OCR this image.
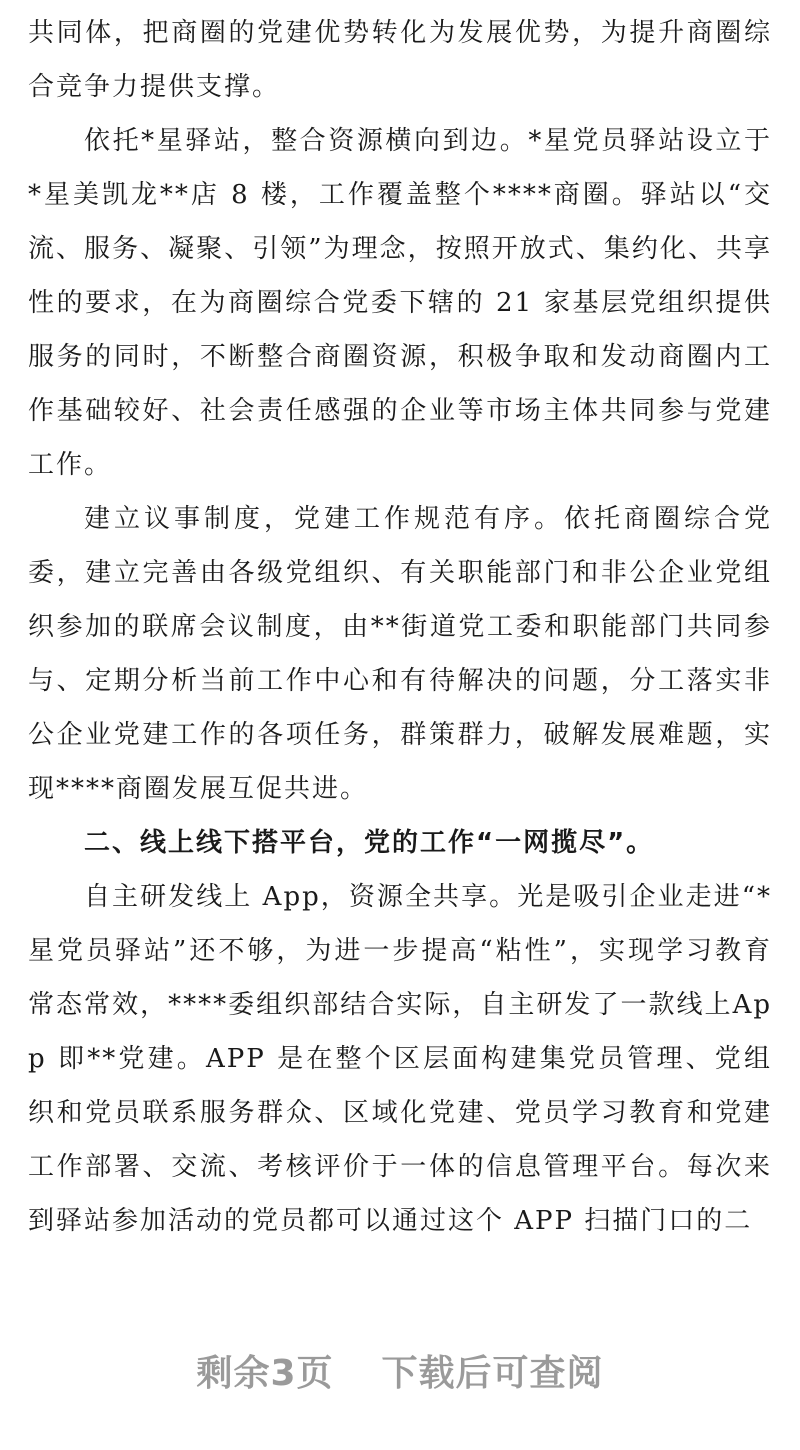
共同体，把商圈的党建优势转化为发展优势，为提升商圈综合竞争力提供支撑。

依托*星驿站，整合资源横向到边。*星党员驿站设立于*星美凯龙**店 8 楼，工作覆盖整个****商圈。驿站以“交流、服务、凝聚、引领”为理念，按照开放式、集约化、共享性的要求，在为商圈综合党委下辖的 21 家基层党组织提供服务的同时，不断整合商圈资源，积极争取和发动商圈内工作基础较好、社会责任感强的企业等市场主体共同参与党建工作。

建立议事制度，党建工作规范有序。依托商圈综合党委，建立完善由各级党组织、有关职能部门和非公企业党组织参加的联席会议制度，由**街道党工委和职能部门共同参与、定期分析当前工作中心和有待解决的问题，分工落实非公企业党建工作的各项任务，群策群力，破解发展难题，实现****商圈发展互促共进。

二、线上线下搭平台，党的工作“一网揽尽”。

自主研发线上 App，资源全共享。光是吸引企业走进“*星党员驿站”还不够，为进一步提高“粘性”，实现学习教育常态常效，****委组织部结合实际，自主研发了一款线上App 即**党建。APP 是在整个区层面构建集党员管理、党组织和党员联系服务群众、区域化党建、党员学习教育和党建工作部署、交流、考核评价于一体的信息管理平台。每次来到驿站参加活动的党员都可以通过这个 APP 扫描门口的二

剩余3页 下载后可查阅
